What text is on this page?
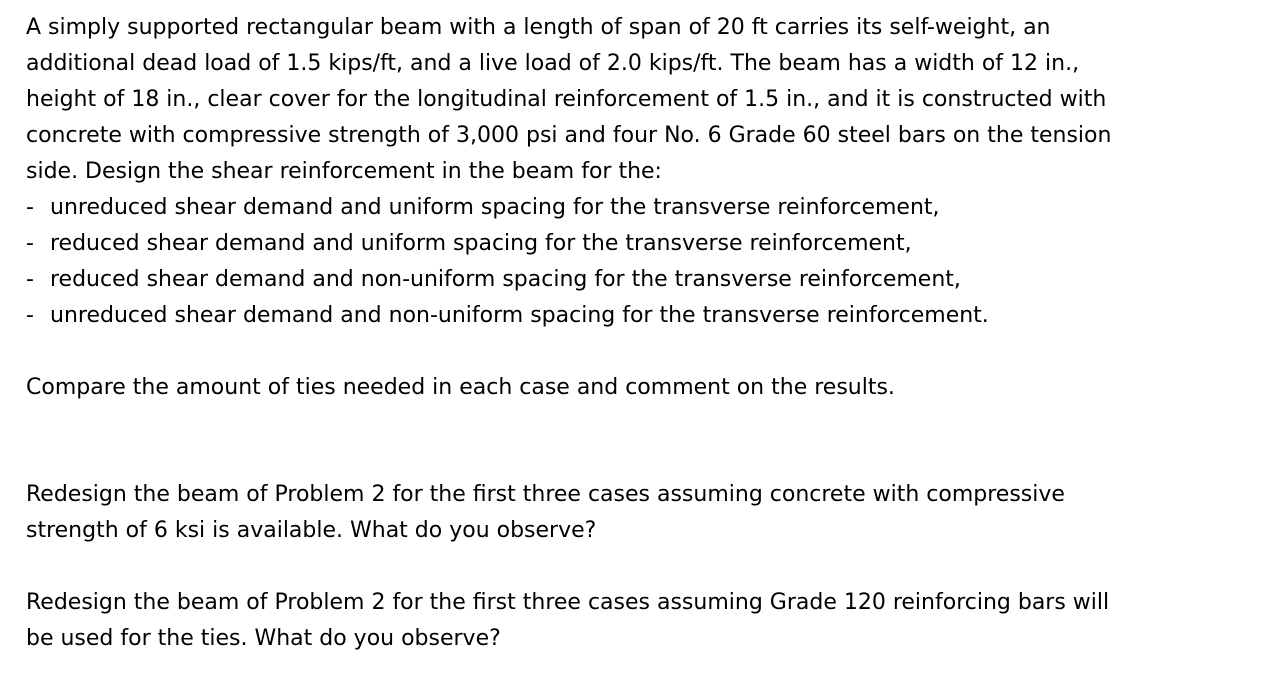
A simply supported rectangular beam with a length of span of 20 ft carries its self-weight, an
additional dead load of 1.5 kips/ft, and a live load of 2.0 kips/ft. The beam has a width of 12 in.,
height of 18 in., clear cover for the longitudinal reinforcement of 1.5 in., and it is constructed with
concrete with compressive strength of 3,000 psi and four No. 6 Grade 60 steel bars on the tension
side. Design the shear reinforcement in the beam for the:

- unreduced shear demand and uniform spacing for the transverse reinforcement,
- reduced shear demand and uniform spacing for the transverse reinforcement,
- reduced shear demand and non-uniform spacing for the transverse reinforcement,
- unreduced shear demand and non-uniform spacing for the transverse reinforcement.

Compare the amount of ties needed in each case and comment on the results.

Redesign the beam of Problem 2 for the first three cases assuming concrete with compressive
strength of 6 ksi is available. What do you observe?

Redesign the beam of Problem 2 for the first three cases assuming Grade 120 reinforcing bars will
be used for the ties. What do you observe?
